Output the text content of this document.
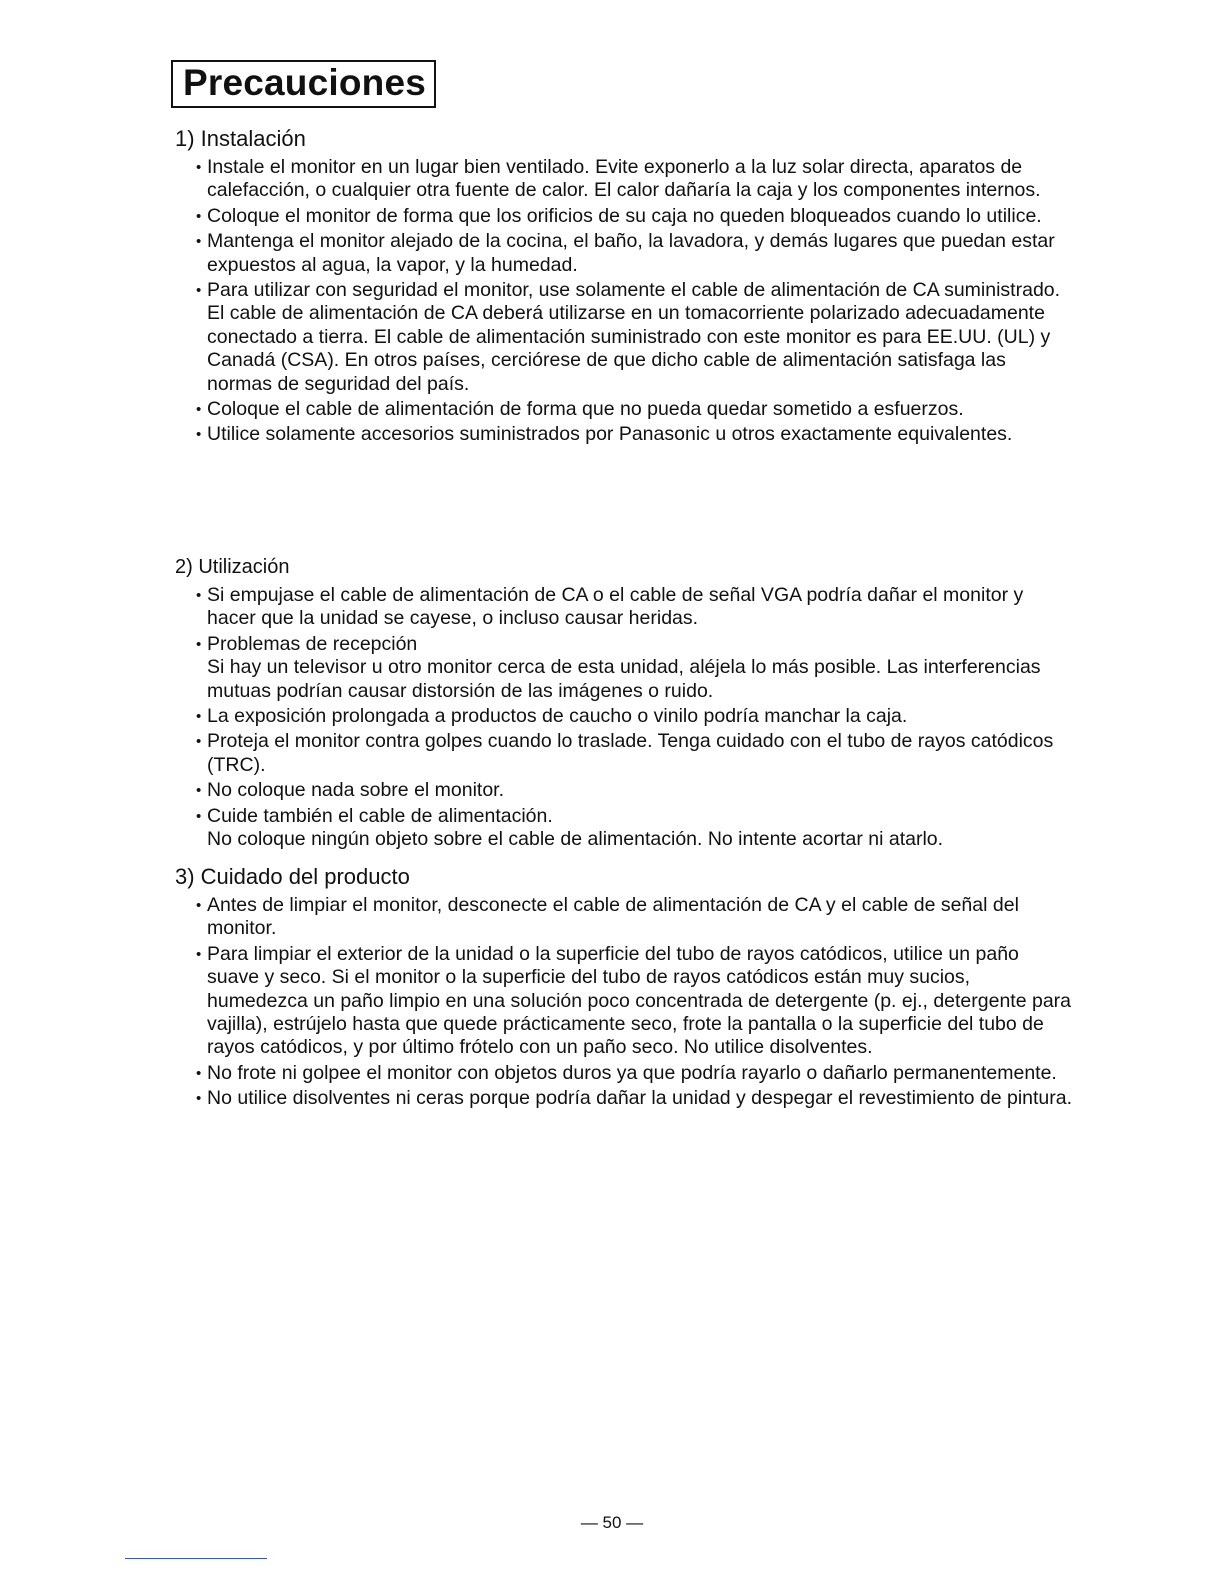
Precauciones
1) Instalación
• Instale el monitor en un lugar bien ventilado. Evite exponerlo a la luz solar directa, aparatos de calefacción, o cualquier otra fuente de calor. El calor dañaría la caja y los componentes internos.
• Coloque el monitor de forma que los orificios de su caja no queden bloqueados cuando lo utilice.
• Mantenga el monitor alejado de la cocina, el baño, la lavadora, y demás lugares que puedan estar expuestos al agua, la vapor, y la humedad.
• Para utilizar con seguridad el monitor, use solamente el cable de alimentación de CA suministrado. El cable de alimentación de CA deberá utilizarse en un tomacorriente polarizado adecuadamente conectado a tierra. El cable de alimentación suministrado con este monitor es para EE.UU. (UL) y Canadá (CSA). En otros países, cerciórese de que dicho cable de alimentación satisfaga las normas de seguridad del país.
• Coloque el cable de alimentación de forma que no pueda quedar sometido a esfuerzos.
• Utilice solamente accesorios suministrados por Panasonic u otros exactamente equivalentes.
2) Utilización
• Si empujase el cable de alimentación de CA o el cable de señal VGA podría dañar el monitor y hacer que la unidad se cayese, o incluso causar heridas.
• Problemas de recepción
Si hay un televisor u otro monitor cerca de esta unidad, aléjela lo más posible. Las interferencias mutuas podrían causar distorsión de las imágenes o ruido.
• La exposición prolongada a productos de caucho o vinilo podría manchar la caja.
• Proteja el monitor contra golpes cuando lo traslade. Tenga cuidado con el tubo de rayos catódicos (TRC).
• No coloque nada sobre el monitor.
• Cuide también el cable de alimentación.
No coloque ningún objeto sobre el cable de alimentación. No intente acortar ni atarlo.
3) Cuidado del producto
• Antes de limpiar el monitor, desconecte el cable de alimentación de CA y el cable de señal del monitor.
• Para limpiar el exterior de la unidad o la superficie del tubo de rayos catódicos, utilice un paño suave y seco. Si el monitor o la superficie del tubo de rayos catódicos están muy sucios, humedezca un paño limpio en una solución poco concentrada de detergente (p. ej., detergente para vajilla), estrújelo hasta que quede prácticamente seco, frote la pantalla o la superficie del tubo de rayos catódicos, y por último frótelo con un paño seco. No utilice disolventes.
• No frote ni golpee el monitor con objetos duros ya que podría rayarlo o dañarlo permanentemente.
• No utilice disolventes ni ceras porque podría dañar la unidad y despegar el revestimiento de pintura.
— 50 —
